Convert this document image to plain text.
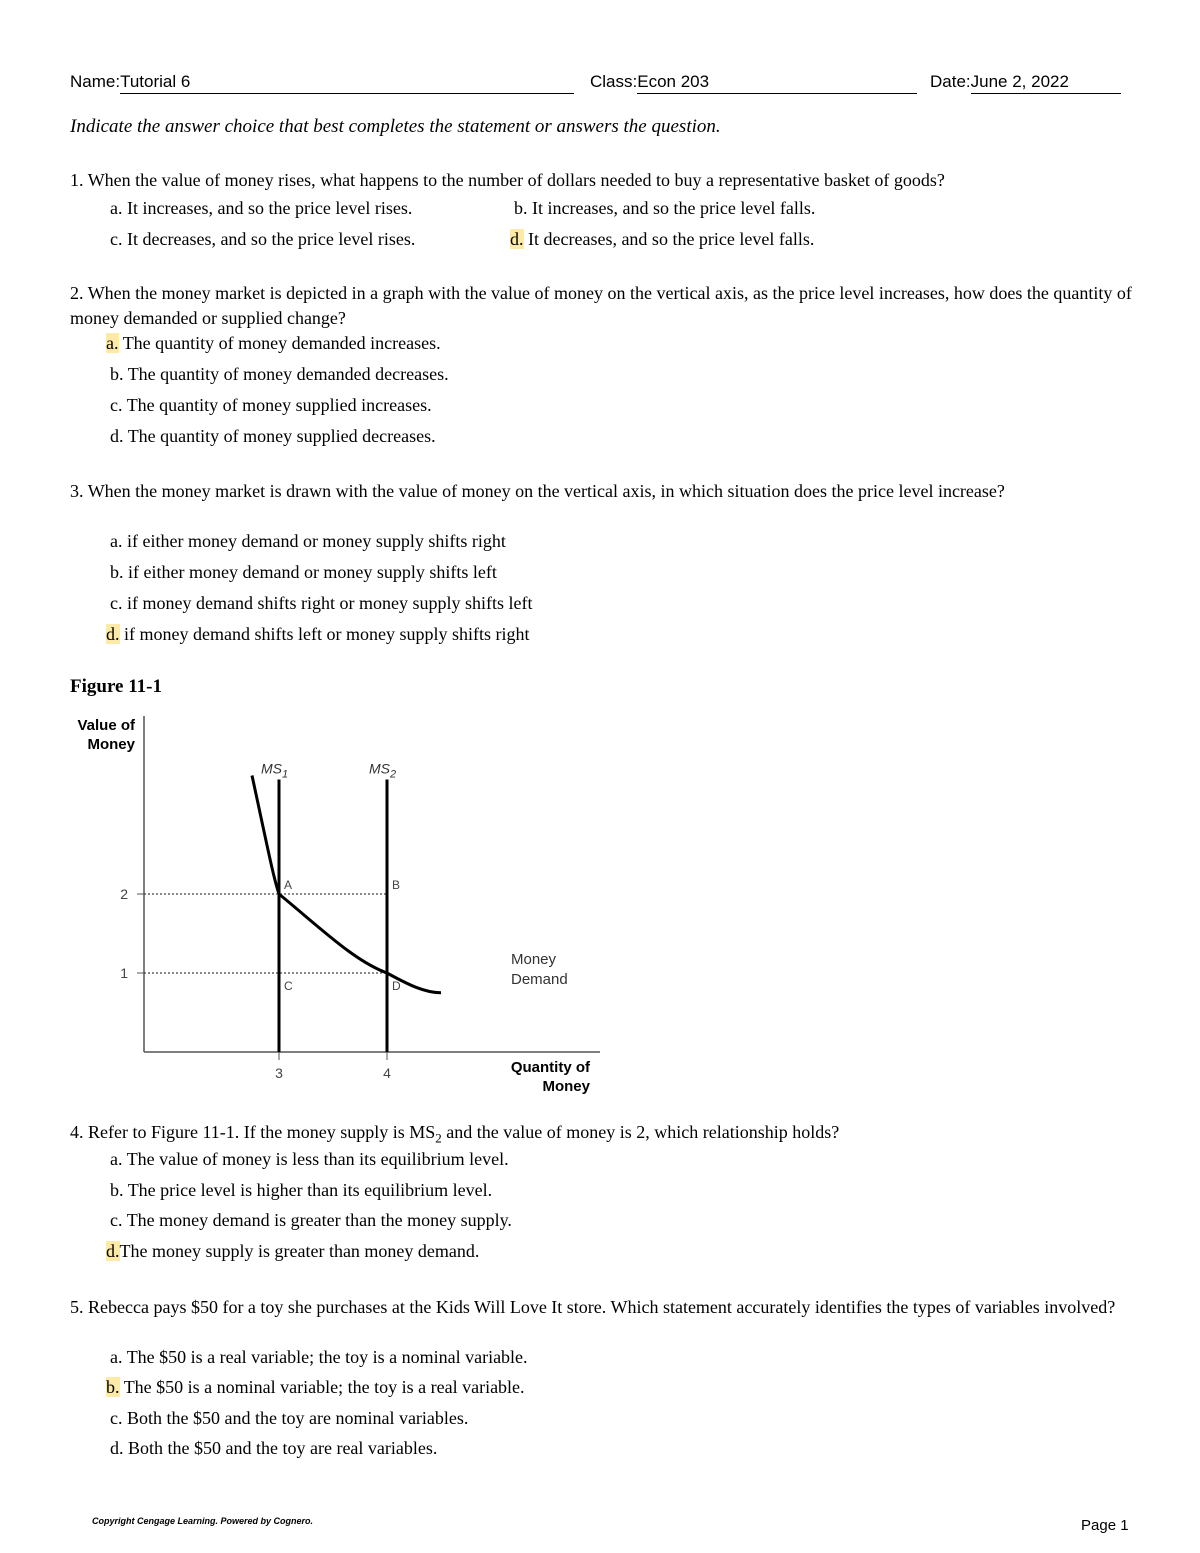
Name:Tutorial 6	Class:Econ 203	Date:June 2, 2022
Indicate the answer choice that best completes the statement or answers the question.
1. When the value of money rises, what happens to the number of dollars needed to buy a representative basket of goods?
a. It increases, and so the price level rises.	b. It increases, and so the price level falls.
c. It decreases, and so the price level rises.	d. It decreases, and so the price level falls.
2. When the money market is depicted in a graph with the value of money on the vertical axis, as the price level increases, how does the quantity of money demanded or supplied change?
a. The quantity of money demanded increases.
b. The quantity of money demanded decreases.
c. The quantity of money supplied increases.
d. The quantity of money supplied decreases.
3. When the money market is drawn with the value of money on the vertical axis, in which situation does the price level increase?
a. if either money demand or money supply shifts right
b. if either money demand or money supply shifts left
c. if money demand shifts right or money supply shifts left
d. if money demand shifts left or money supply shifts right
Figure 11-1
Value of
Money
Quantity of
Money
Money
Demand
2
1
3	4
$MS_1$	$MS_2$
A	B
C	D
4. Refer to Figure 11-1. If the money supply is $MS_2$ and the value of money is 2, which relationship holds?
a. The value of money is less than its equilibrium level.
b. The price level is higher than its equilibrium level.
c. The money demand is greater than the money supply.
d.The money supply is greater than money demand.
5. Rebecca pays $50 for a toy she purchases at the Kids Will Love It store. Which statement accurately identifies the types of variables involved?
a. The $50 is a real variable; the toy is a nominal variable.
b. The $50 is a nominal variable; the toy is a real variable.
c. Both the $50 and the toy are nominal variables.
d. Both the $50 and the toy are real variables.
Copyright Cengage Learning. Powered by Cognero.	Page 1
